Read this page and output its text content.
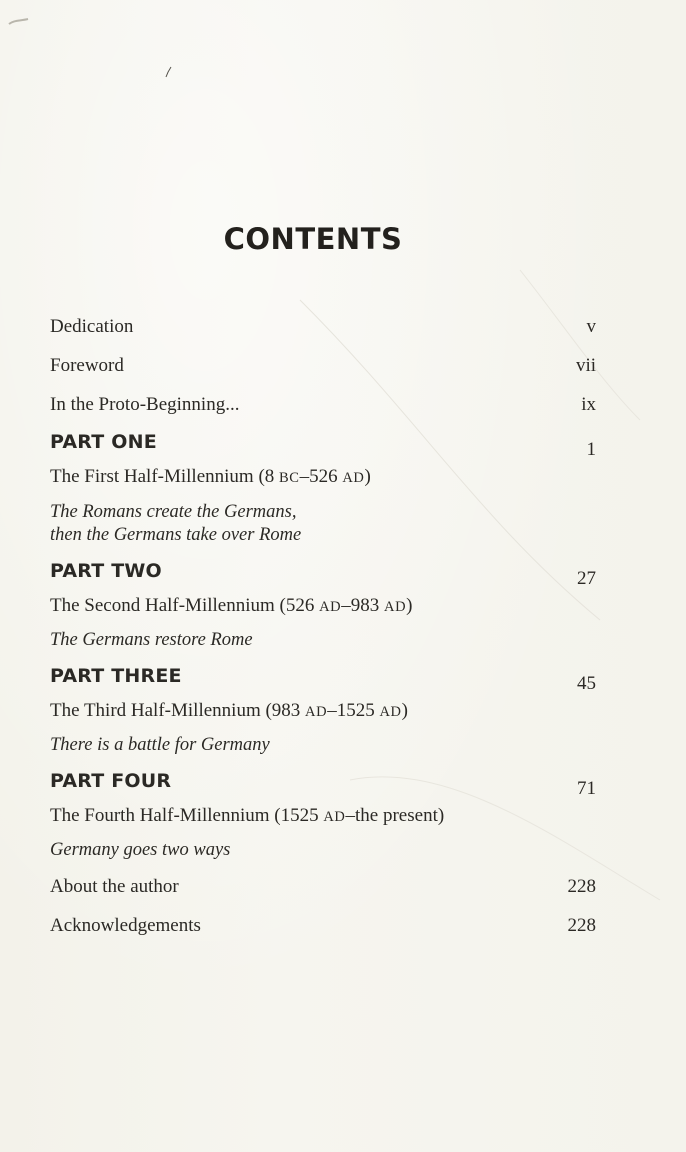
CONTENTS
Dedication	v
Foreword	vii
In the Proto-Beginning...	ix
PART ONE	1
The First Half-Millennium (8 BC–526 AD)
The Romans create the Germans,
then the Germans take over Rome
PART TWO	27
The Second Half-Millennium (526 AD–983 AD)
The Germans restore Rome
PART THREE	45
The Third Half-Millennium (983 AD–1525 AD)
There is a battle for Germany
PART FOUR	71
The Fourth Half-Millennium (1525 AD–the present)
Germany goes two ways
About the author	228
Acknowledgements	228
